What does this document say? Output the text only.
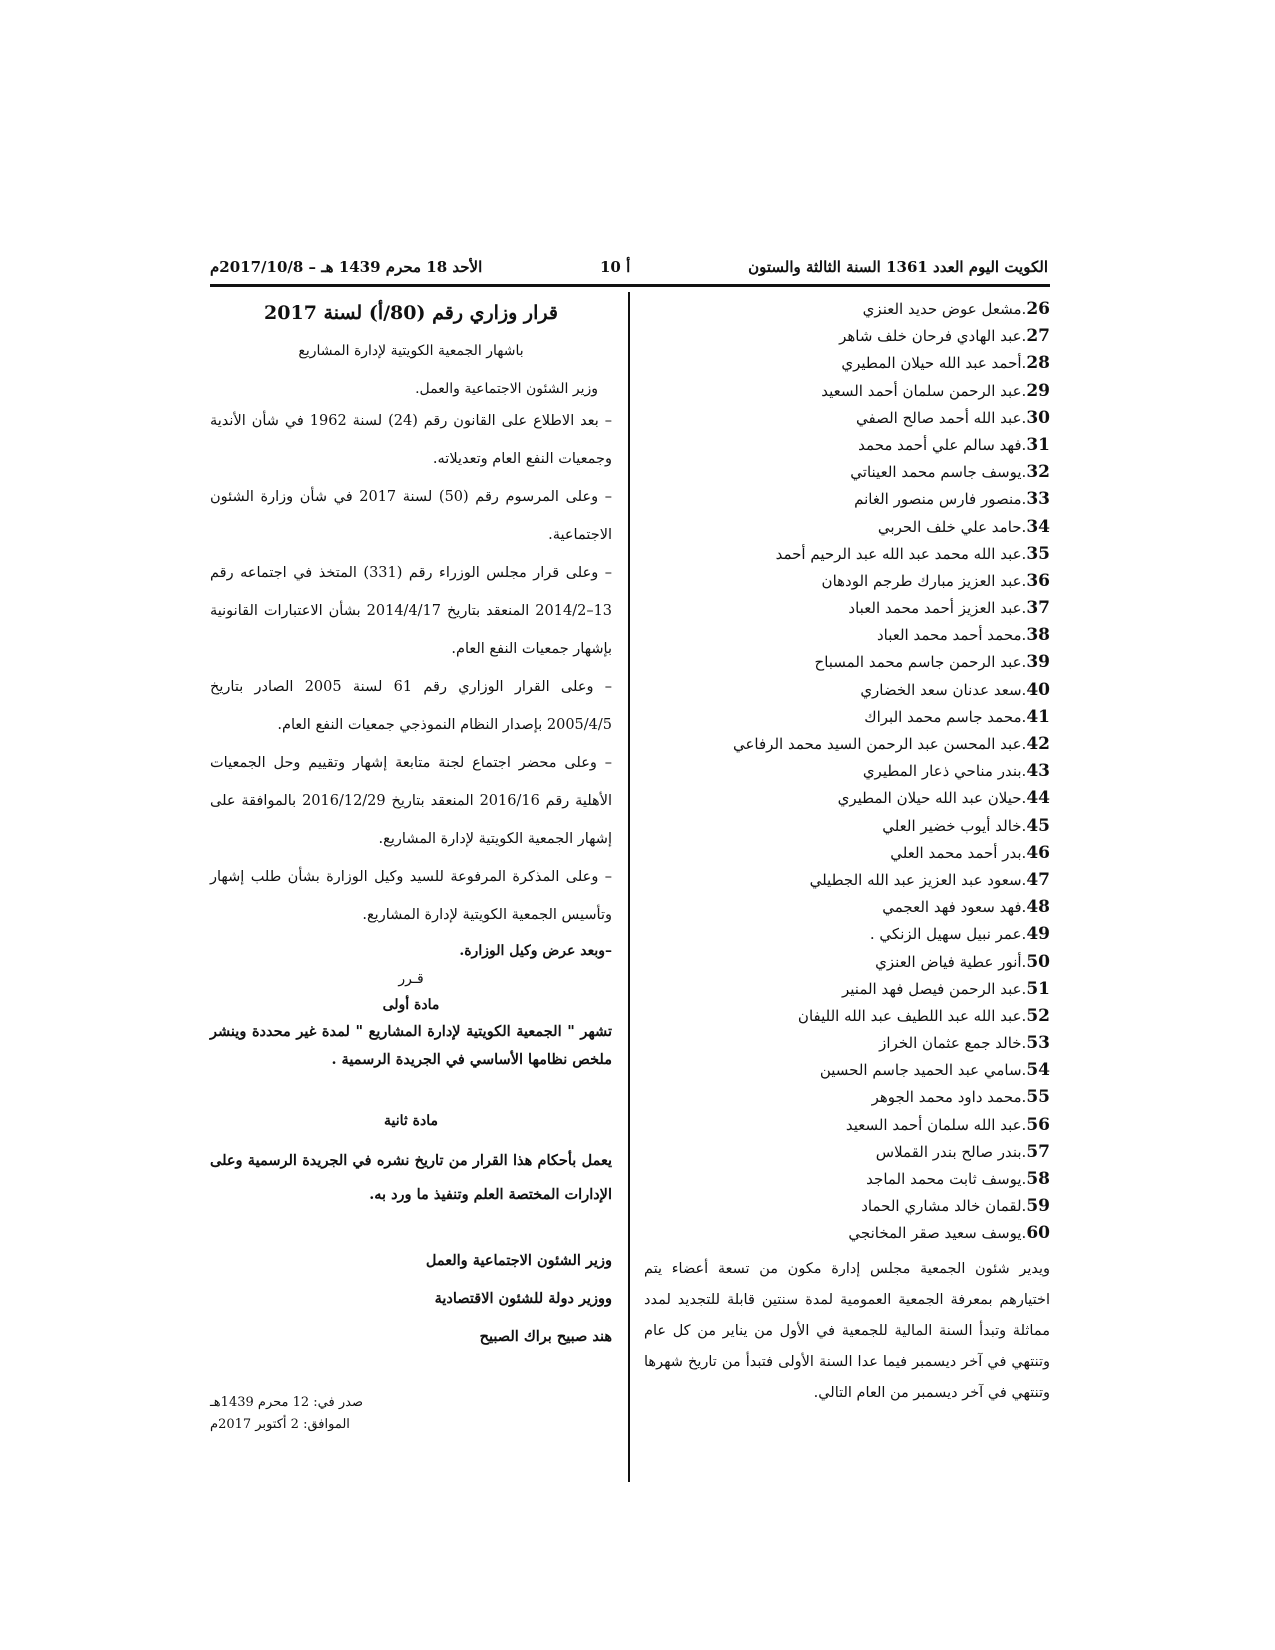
الكويت اليوم العدد 1361 السنة الثالثة والستون
10 أ
الأحد 18 محرم 1439 هـ – 2017/10/8م
26.مشعل عوض حديد العنزي
27.عبد الهادي فرحان خلف شاهر
28.أحمد عبد الله حيلان المطيري
29.عبد الرحمن سلمان أحمد السعيد
30.عبد الله أحمد صالح الصفي
31.فهد سالم علي أحمد محمد
32.يوسف جاسم محمد العيناتي
33.منصور فارس منصور الغانم
34.حامد علي خلف الحربي
35.عبد الله محمد عبد الله عبد الرحيم أحمد
36.عبد العزيز مبارك طرجم الودهان
37.عبد العزيز أحمد محمد العباد
38.محمد أحمد محمد العباد
39.عبد الرحمن جاسم محمد المسباح
40.سعد عدنان سعد الخضاري
41.محمد جاسم محمد البراك
42.عبد المحسن عبد الرحمن السيد محمد الرفاعي
43.بندر مناحي ذعار المطيري
44.حيلان عبد الله حيلان المطيري
45.خالد أيوب خضير العلي
46.بدر أحمد محمد العلي
47.سعود عبد العزيز عبد الله الجطيلي
48.فهد سعود فهد العجمي
49.عمر نبيل سهيل الزنكي .
50.أنور عطية فياض العنزي
51.عبد الرحمن فيصل فهد المنير
52.عبد الله عبد اللطيف عبد الله الليفان
53.خالد جمع عثمان الخراز
54.سامي عبد الحميد جاسم الحسين
55.محمد داود محمد الجوهر
56.عبد الله سلمان أحمد السعيد
57.بندر صالح بندر القملاس
58.يوسف ثابت محمد الماجد
59.لقمان خالد مشاري الحماد
60.يوسف سعيد صقر المخانجي
ويدير شئون الجمعية مجلس إدارة مكون من تسعة أعضاء يتم اختيارهم بمعرفة الجمعية العمومية لمدة سنتين قابلة للتجديد لمدد مماثلة وتبدأ السنة المالية للجمعية في الأول من يناير من كل عام وتنتهي في آخر ديسمبر فيما عدا السنة الأولى فتبدأ من تاريخ شهرها وتنتهي في آخر ديسمبر من العام التالي.
قرار وزاري رقم (80/أ) لسنة 2017
باشهار الجمعية الكويتية لإدارة المشاريع
وزير الشئون الاجتماعية والعمل.
– بعد الاطلاع على القانون رقم (24) لسنة 1962 في شأن الأندية وجمعيات النفع العام وتعديلاته.
– وعلى المرسوم رقم (50) لسنة 2017 في شأن وزارة الشئون الاجتماعية.
– وعلى قرار مجلس الوزراء رقم (331) المتخذ في اجتماعه رقم 13–2014/2 المنعقد بتاريخ 2014/4/17 بشأن الاعتبارات القانونية بإشهار جمعيات النفع العام.
– وعلى القرار الوزاري رقم 61 لسنة 2005 الصادر بتاريخ 2005/4/5 بإصدار النظام النموذجي جمعيات النفع العام.
– وعلى محضر اجتماع لجنة متابعة إشهار وتقييم وحل الجمعيات الأهلية رقم 2016/16 المنعقد بتاريخ 2016/12/29 بالموافقة على إشهار الجمعية الكويتية لإدارة المشاريع.
– وعلى المذكرة المرفوعة للسيد وكيل الوزارة بشأن طلب إشهار وتأسيس الجمعية الكويتية لإدارة المشاريع.
–وبعد عرض وكيل الوزارة.
قـرر
مادة أولى
تشهر " الجمعية الكويتية لإدارة المشاريع " لمدة غير محددة وينشر ملخص نظامها الأساسي في الجريدة الرسمية .
مادة ثانية
يعمل بأحكام هذا القرار من تاريخ نشره في الجريدة الرسمية وعلى الإدارات المختصة العلم وتنفيذ ما ورد به.
وزير الشئون الاجتماعية والعمل
ووزير دولة للشئون الاقتصادية
هند صبيح براك الصبيح
صدر في: 12 محرم 1439هـ
الموافق: 2 أكتوبر 2017م
